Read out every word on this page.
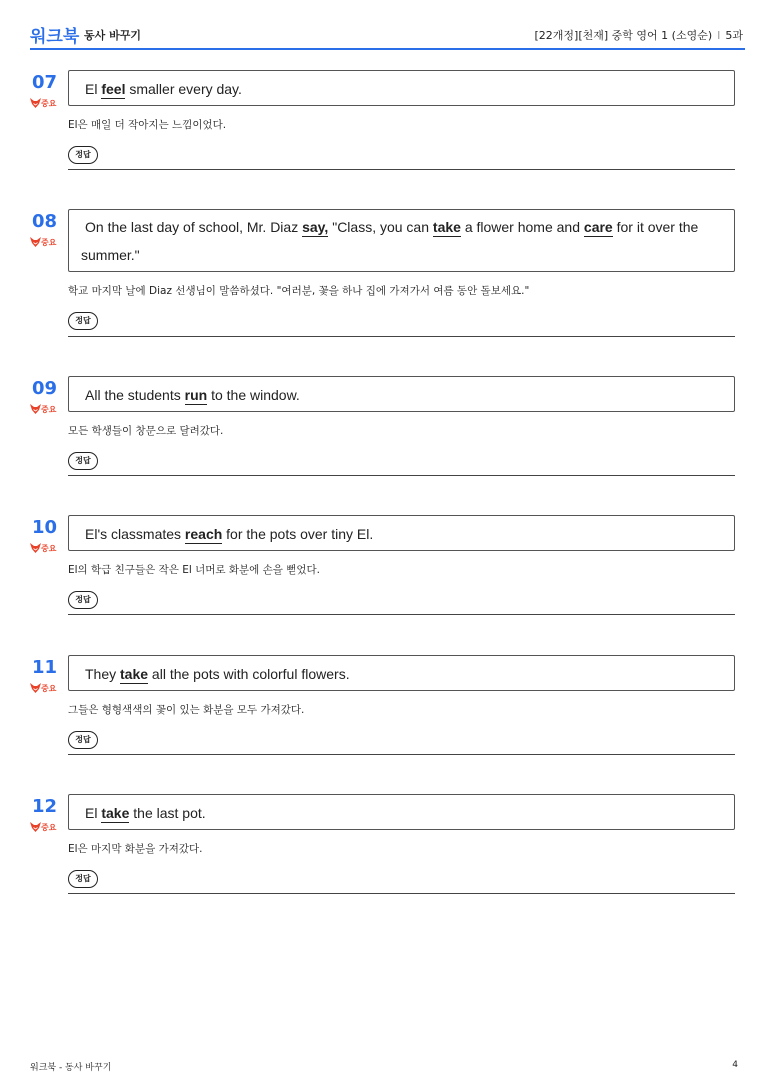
워크북 동사 바꾸기	[22개정][천재] 중학 영어 1 (소영순) I 5과
07
중요
El feel smaller every day.
El은 매일 더 작아지는 느낌이었다.
정답
08
중요
On the last day of school, Mr. Diaz say, "Class, you can take a flower home and care for it over the summer."
학교 마지막 날에 Diaz 선생님이 말씀하셨다. "여러분, 꽃을 하나 집에 가져가서 여름 동안 돌보세요."
정답
09
중요
All the students run to the window.
모든 학생들이 창문으로 달려갔다.
정답
10
중요
El's classmates reach for the pots over tiny El.
El의 학급 친구들은 작은 El 너머로 화분에 손을 뻗었다.
정답
11
중요
They take all the pots with colorful flowers.
그들은 형형색색의 꽃이 있는 화분을 모두 가져갔다.
정답
12
중요
El take the last pot.
El은 마지막 화분을 가져갔다.
정답
워크북 - 동사 바꾸기	4
